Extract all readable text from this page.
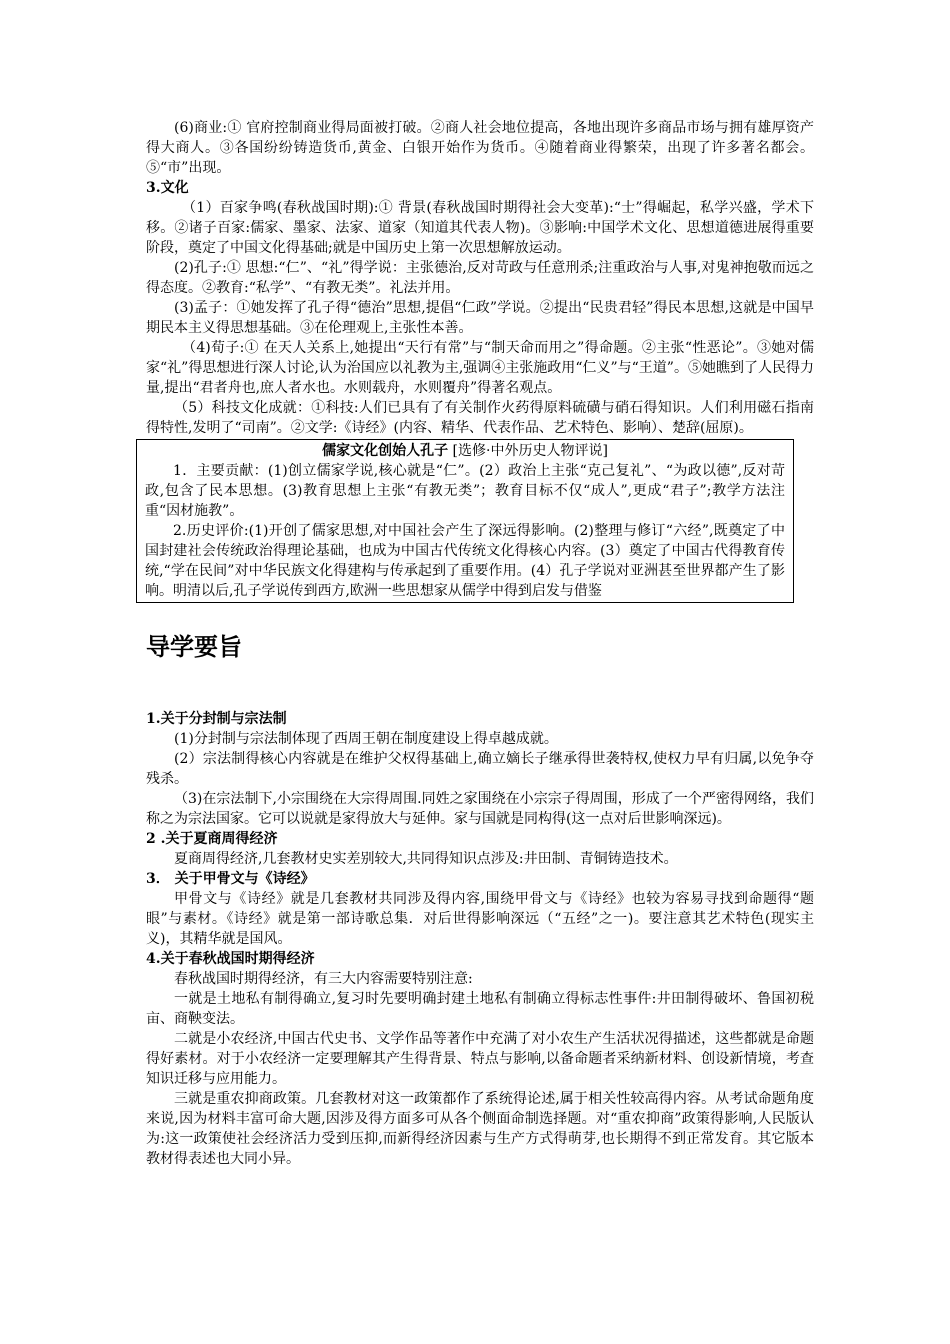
(6)商业:① 官府控制商业得局面被打破。②商人社会地位提高，各地出现许多商品市场与拥有雄厚资产得大商人。③各国纷纷铸造货币,黄金、白银开始作为货币。④随着商业得繁荣，出现了许多著名都会。⑤“市”出现。

3.文化

（1）百家争鸣(春秋战国时期):① 背景(春秋战国时期得社会大变革):“士”得崛起，私学兴盛，学术下移。②诸子百家:儒家、墨家、法家、道家（知道其代表人物)。③影响:中国学术文化、思想道德进展得重要阶段，奠定了中国文化得基础;就是中国历史上第一次思想解放运动。

(2)孔子:① 思想:“仁”、“礼”得学说：主张德治,反对苛政与任意刑杀;注重政治与人事,对鬼神抱敬而远之得态度。②教育:“私学”、“有教无类”。礼法并用。

(3)孟子：①她发挥了孔子得“德治”思想,提倡“仁政”学说。②提出“民贵君轻”得民本思想,这就是中国早期民本主义得思想基础。③在伦理观上,主张性本善。

（4)荀子:① 在天人关系上,她提出“天行有常”与“制天命而用之”得命题。②主张“性恶论”。③她对儒家“礼”得思想进行深人讨论,认为治国应以礼教为主,强调④主张施政用“仁义”与“王道”。⑤她瞧到了人民得力量,提出“君者舟也,庶人者水也。水则载舟，水则覆舟”得著名观点。

（5）科技文化成就：①科技:人们已具有了有关制作火药得原料硫磺与硝石得知识。人们利用磁石指南得特性,发明了“司南”。②文学:《诗经》(内容、精华、代表作品、艺术特色、影响）、楚辞(屈原)。

儒家文化创始人孔子 [选修·中外历史人物评说]

1．主要贡献：(1)创立儒家学说,核心就是“仁”。(2）政治上主张“克己复礼”、“为政以德”,反对苛政,包含了民本思想。(3)教育思想上主张“有教无类”；教育目标不仅“成人”,更成“君子”;教学方法注重“因材施教”。

2.历史评价:(1)开创了儒家思想,对中国社会产生了深远得影响。(2)整理与修订“六经”,既奠定了中国封建社会传统政治得理论基础，也成为中国古代传统文化得核心内容。(3）奠定了中国古代得教育传统,“学在民间”对中华民族文化得建构与传承起到了重要作用。(4）孔子学说对亚洲甚至世界都产生了影响。明清以后,孔子学说传到西方,欧洲一些思想家从儒学中得到启发与借鉴

导学要旨

1.关于分封制与宗法制

(1)分封制与宗法制体现了西周王朝在制度建设上得卓越成就。

(2）宗法制得核心内容就是在维护父权得基础上,确立嫡长子继承得世袭特权,使权力早有归属,以免争夺残杀。

（3)在宗法制下,小宗围绕在大宗得周围.同姓之家围绕在小宗宗子得周围，形成了一个严密得网络，我们称之为宗法国家。它可以说就是家得放大与延伸。家与国就是同构得(这一点对后世影响深远)。

2 .关于夏商周得经济

夏商周得经济,几套教材史实差别较大,共同得知识点涉及:井田制、青铜铸造技术。

3． 关于甲骨文与《诗经》

甲骨文与《诗经》就是几套教材共同涉及得内容,围绕甲骨文与《诗经》也较为容易寻找到命题得“题眼”与素材。《诗经》就是第一部诗歌总集．对后世得影响深远（“五经”之一)。要注意其艺术特色(现实主义)，其精华就是国风。

4.关于春秋战国时期得经济

春秋战国时期得经济，有三大内容需要特别注意:

一就是土地私有制得确立,复习时先要明确封建土地私有制确立得标志性事件:井田制得破坏、鲁国初税亩、商鞅变法。

二就是小农经济,中国古代史书、文学作品等著作中充满了对小农生产生活状况得描述，这些都就是命题得好素材。对于小农经济一定要理解其产生得背景、特点与影响,以备命题者采纳新材料、创设新情境，考查知识迁移与应用能力。

三就是重农抑商政策。几套教材对这一政策都作了系统得论述,属于相关性较高得内容。从考试命题角度来说,因为材料丰富可命大题,因涉及得方面多可从各个侧面命制选择题。对“重农抑商”政策得影响,人民版认为:这一政策使社会经济活力受到压抑,而新得经济因素与生产方式得萌芽,也长期得不到正常发育。其它版本教材得表述也大同小异。
